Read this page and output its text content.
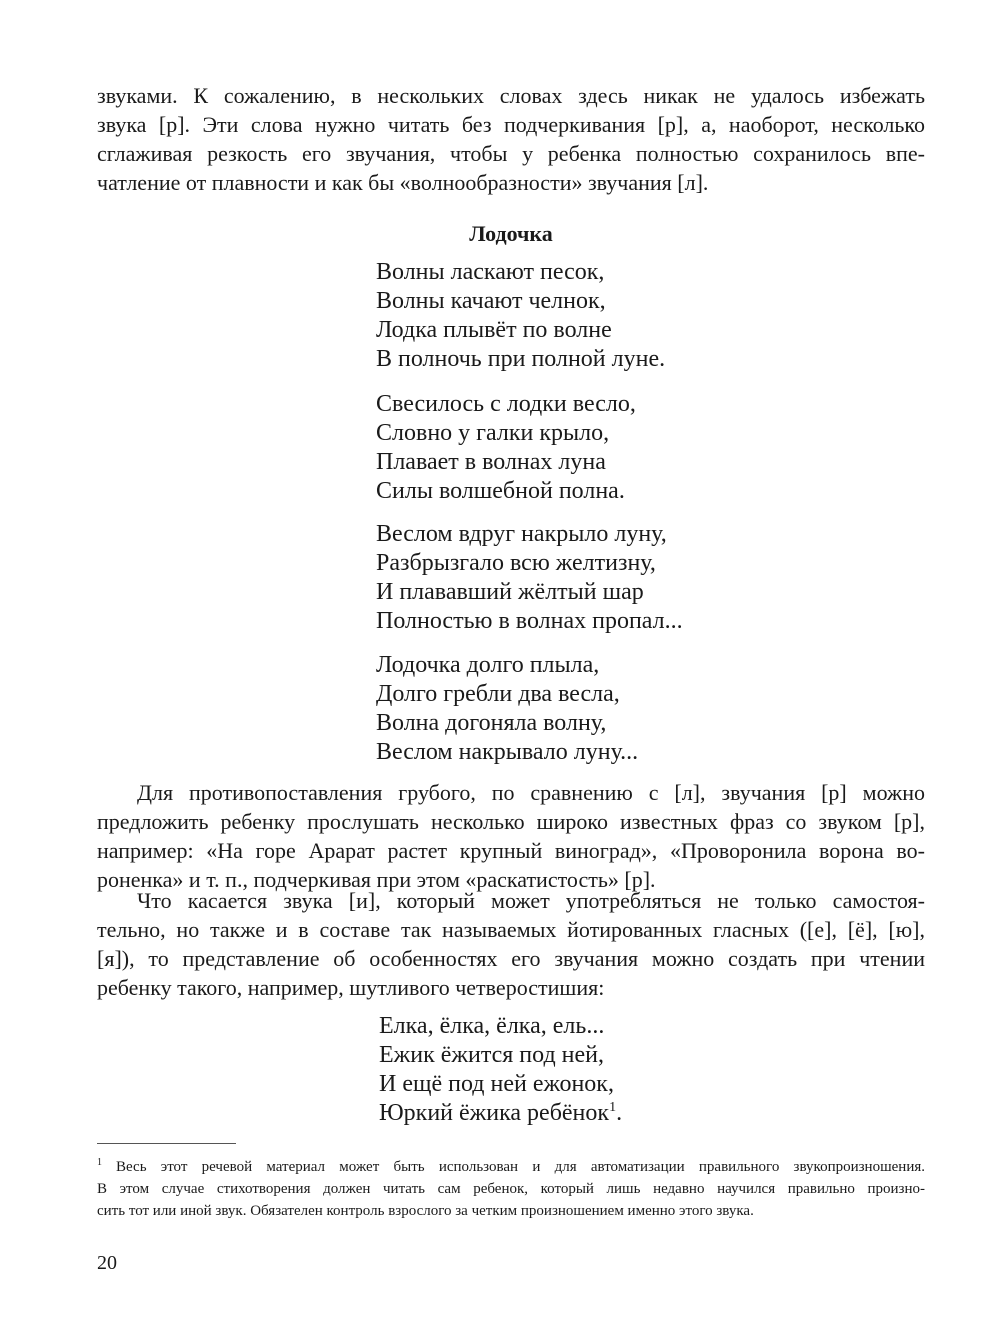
звуками. К сожалению, в нескольких словах здесь никак не удалось избежать
звука [р]. Эти слова нужно читать без подчеркивания [р], а, наоборот, несколько
сглаживая резкость его звучания, чтобы у ребенка полностью сохранилось впе-
чатление от плавности и как бы «волнообразности» звучания [л].

Лодочка
Волны ласкают песок,
Волны качают челнок,
Лодка плывёт по волне
В полночь при полной луне.
Свесилось с лодки весло,
Словно у галки крыло,
Плавает в волнах луна
Силы волшебной полна.
Веслом вдруг накрыло луну,
Разбрызгало всю желтизну,
И плававший жёлтый шар
Полностью в волнах пропал...
Лодочка долго плыла,
Долго гребли два весла,
Волна догоняла волну,
Веслом накрывало луну...

Для противопоставления грубого, по сравнению с [л], звучания [р] можно
предложить ребенку прослушать несколько широко известных фраз со звуком [р],
например: «На горе Арарат растет крупный виноград», «Проворонила ворона во-
роненка» и т. п., подчеркивая при этом «раскатистость» [р].

Что касается звука [и], который может употребляться не только самостоя-
тельно, но также и в составе так называемых йотированных гласных ([е], [ё], [ю],
[я]), то представление об особенностях его звучания можно создать при чтении
ребенку такого, например, шутливого четверостишия:

Елка, ёлка, ёлка, ель...
Ежик ёжится под ней,
И ещё под ней ежонок,
Юркий ёжика ребёнок$^1$.
$^1$ Весь этот речевой материал может быть использован и для автоматизации правильного звукопроизношения.
В этом случае стихотворения должен читать сам ребенок, который лишь недавно научился правильно произно-
сить тот или иной звук. Обязателен контроль взрослого за четким произношением именно этого звука.
20
